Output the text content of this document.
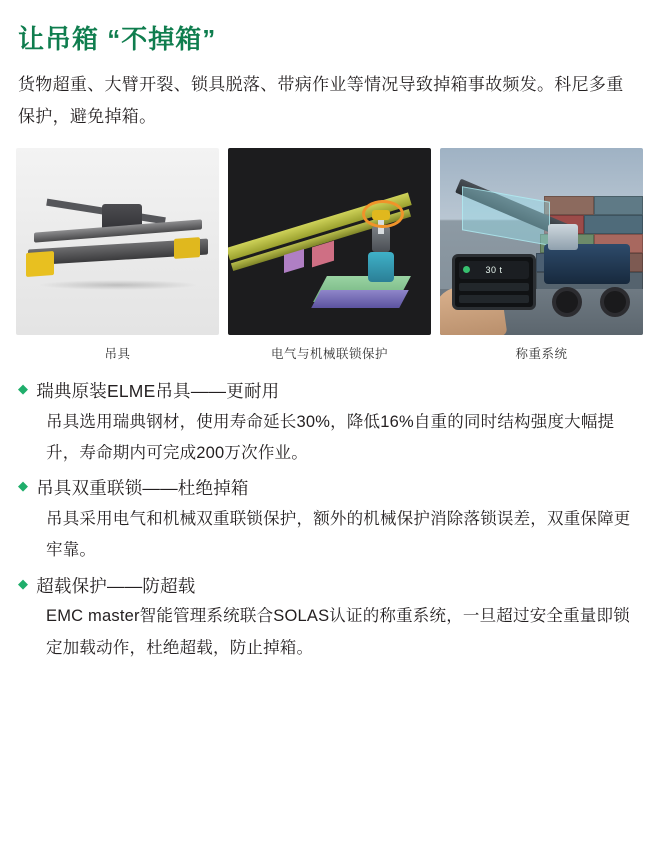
让吊箱 “不掉箱”
货物超重、大臂开裂、锁具脱落、带病作业等情况导致掉箱事故频发。科尼多重保护，避免掉箱。
吊具	电气与机械联锁保护
30 t
称重系统
◆ 瑞典原装ELME吊具——更耐用
吊具选用瑞典钢材，使用寿命延长30%，降低16%自重的同时结构强度大幅提升，寿命期内可完成200万次作业。
◆ 吊具双重联锁——杜绝掉箱
吊具采用电气和机械双重联锁保护，额外的机械保护消除落锁误差，双重保障更牢靠。
◆ 超载保护——防超载
EMC master智能管理系统联合SOLAS认证的称重系统，一旦超过安全重量即锁定加载动作，杜绝超载，防止掉箱。
